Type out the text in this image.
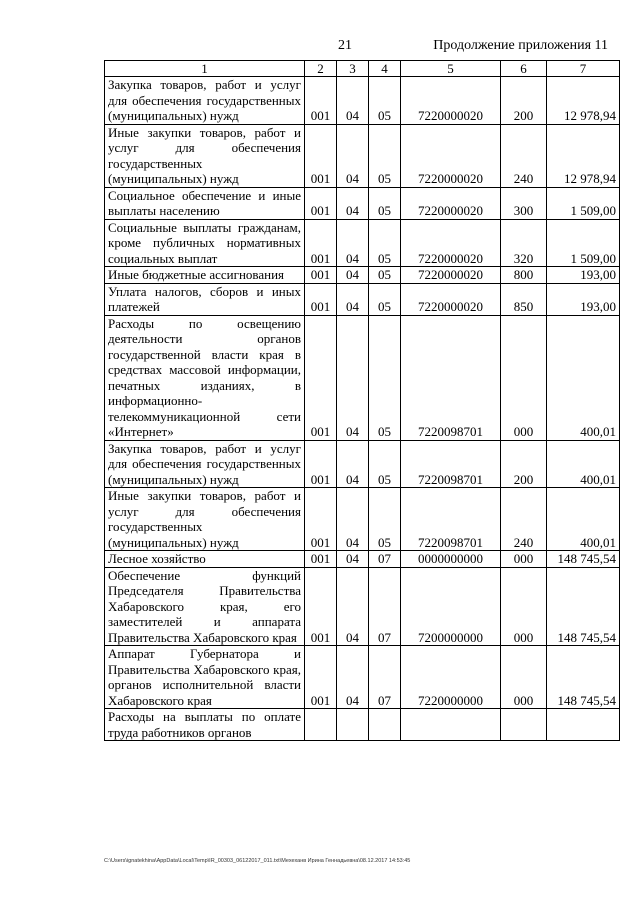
21	Продолжение приложения 11
1	2	3	4	5	6	7
Закупка товаров, работ и услуг для обеспечения государственных (муниципальных) нужд	001	04	05	7220000020	200	12 978,94
Иные закупки товаров, работ и услуг для обеспечения государственных (муниципальных) нужд	001	04	05	7220000020	240	12 978,94
Социальное обеспечение и иные выплаты населению	001	04	05	7220000020	300	1 509,00
Социальные выплаты гражданам, кроме публичных нормативных социальных выплат	001	04	05	7220000020	320	1 509,00
Иные бюджетные ассигнования	001	04	05	7220000020	800	193,00
Уплата налогов, сборов и иных платежей	001	04	05	7220000020	850	193,00
Расходы по освещению деятельности органов государственной власти края в средствах массовой информации, печатных изданиях, в информационно-телекоммуникационной сети «Интернет»	001	04	05	7220098701	000	400,01
Закупка товаров, работ и услуг для обеспечения государственных (муниципальных) нужд	001	04	05	7220098701	200	400,01
Иные закупки товаров, работ и услуг для обеспечения государственных (муниципальных) нужд	001	04	05	7220098701	240	400,01
Лесное хозяйство	001	04	07	0000000000	000	148 745,54
Обеспечение функций Председателя Правительства Хабаровского края, его заместителей и аппарата Правительства Хабаровского края	001	04	07	7200000000	000	148 745,54
Аппарат Губернатора и Правительства Хабаровского края, органов исполнительной власти Хабаровского края	001	04	07	7220000000	000	148 745,54
Расходы на выплаты по оплате труда работников органов						
C:\Users\ignatekhina\AppData\Local\Temp\IR_00303_06122017_011.txt\Мехеханв Ирина Геннадьевна\08.12.2017 14:53:45
